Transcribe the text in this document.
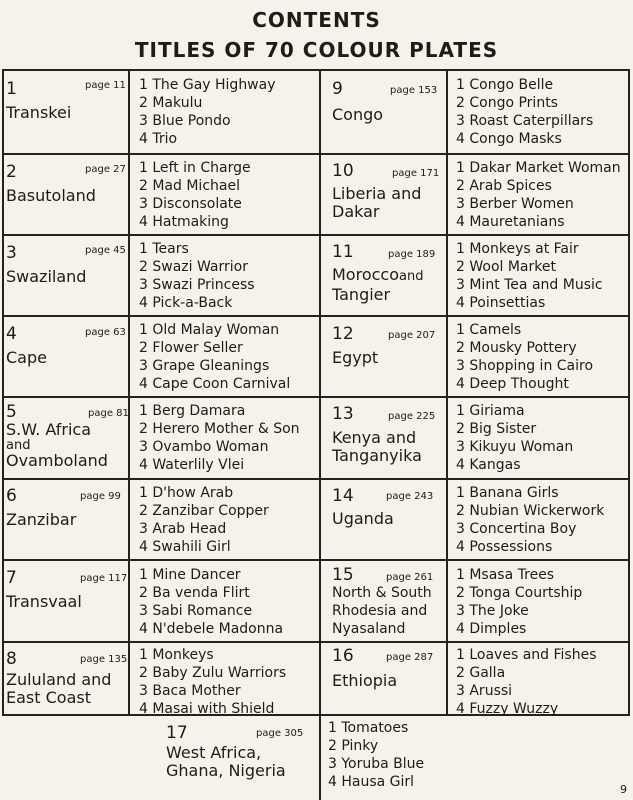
CONTENTS
TITLES OF 70 COLOUR PLATES
1
Transkei
page 11 1 The Gay Highway
2 Makulu
3 Blue Pondo
4 Trio
2
Basutoland
page 27 1 Left in Charge
2 Mad Michael
3 Disconsolate
4 Hatmaking
3
Swaziland
page 45 1 Tears
2 Swazi Warrior
3 Swazi Princess
4 Pick-a-Back
4
Cape
page 63 1 Old Malay Woman
2 Flower Seller
3 Grape Gleanings
4 Cape Coon Carnival
5
S.W. Africa
and
Ovamboland
page 81 1 Berg Damara
2 Herero Mother & Son
3 Ovambo Woman
4 Waterlily Vlei
6
Zanzibar
page 99 1 D'how Arab
2 Zanzibar Copper
3 Arab Head
4 Swahili Girl
7
Transvaal
page 117 1 Mine Dancer
2 Ba venda Flirt
3 Sabi Romance
4 N'debele Madonna
8
Zululand and
East Coast
page 135 1 Monkeys
2 Baby Zulu Warriors
3 Baca Mother
4 Masai with Shield
9
Congo
page 153 1 Congo Belle
2 Congo Prints
3 Roast Caterpillars
4 Congo Masks
10
Liberia and
Dakar
page 171 1 Dakar Market Woman
2 Arab Spices
3 Berber Women
4 Mauretanians
11
Moroccoand
Tangier
page 189 1 Monkeys at Fair
2 Wool Market
3 Mint Tea and Music
4 Poinsettias
12
Egypt
page 207 1 Camels
2 Mousky Pottery
3 Shopping in Cairo
4 Deep Thought
13
Kenya and
Tanganyika
page 225 1 Giriama
2 Big Sister
3 Kikuyu Woman
4 Kangas
14
Uganda
page 243 1 Banana Girls
2 Nubian Wickerwork
3 Concertina Boy
4 Possessions
15
North & South
Rhodesia and
Nyasaland
page 261 1 Msasa Trees
2 Tonga Courtship
3 The Joke
4 Dimples
16
Ethiopia
page 287 1 Loaves and Fishes
2 Galla
3 Arussi
4 Fuzzy Wuzzy
17
West Africa,
Ghana, Nigeria
page 305 1 Tomatoes
2 Pinky
3 Yoruba Blue
4 Hausa Girl	9
